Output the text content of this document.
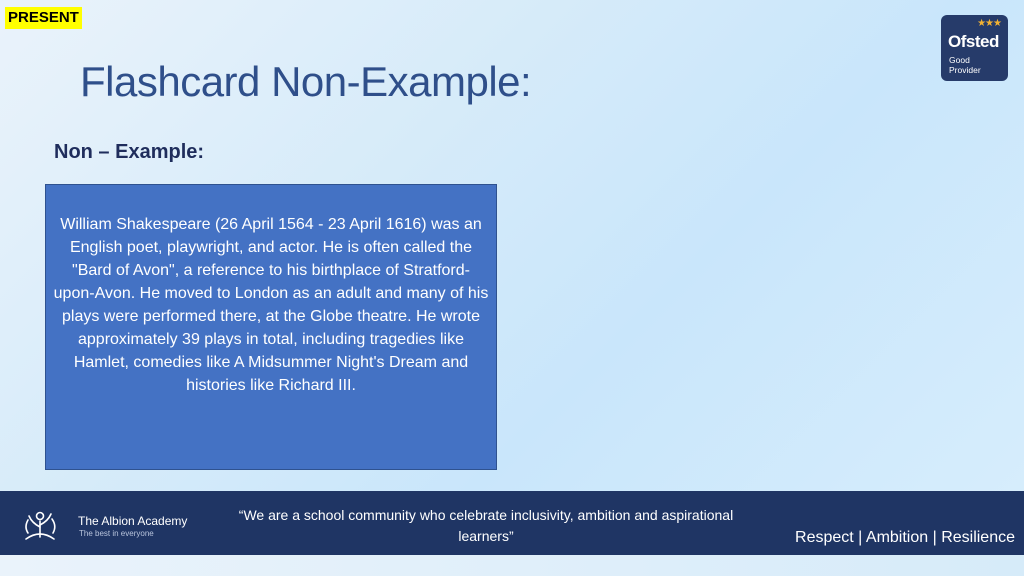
PRESENT
Flashcard Non-Example:
★★★
Ofsted
Good
Provider
Non – Example:

William Shakespeare (26 April 1564 - 23 April 1616) was an English poet, playwright, and actor. He is often called the "Bard of Avon", a reference to his birthplace of Stratford-upon-Avon. He moved to London as an adult and many of his plays were performed there, at the Globe theatre. He wrote approximately 39 plays in total, including tragedies like Hamlet, comedies like A Midsummer Night's Dream and histories like Richard III.

The Albion Academy
The best in everyone
“We are a school community who celebrate inclusivity, ambition and aspirational learners”	Respect | Ambition | Resilience
